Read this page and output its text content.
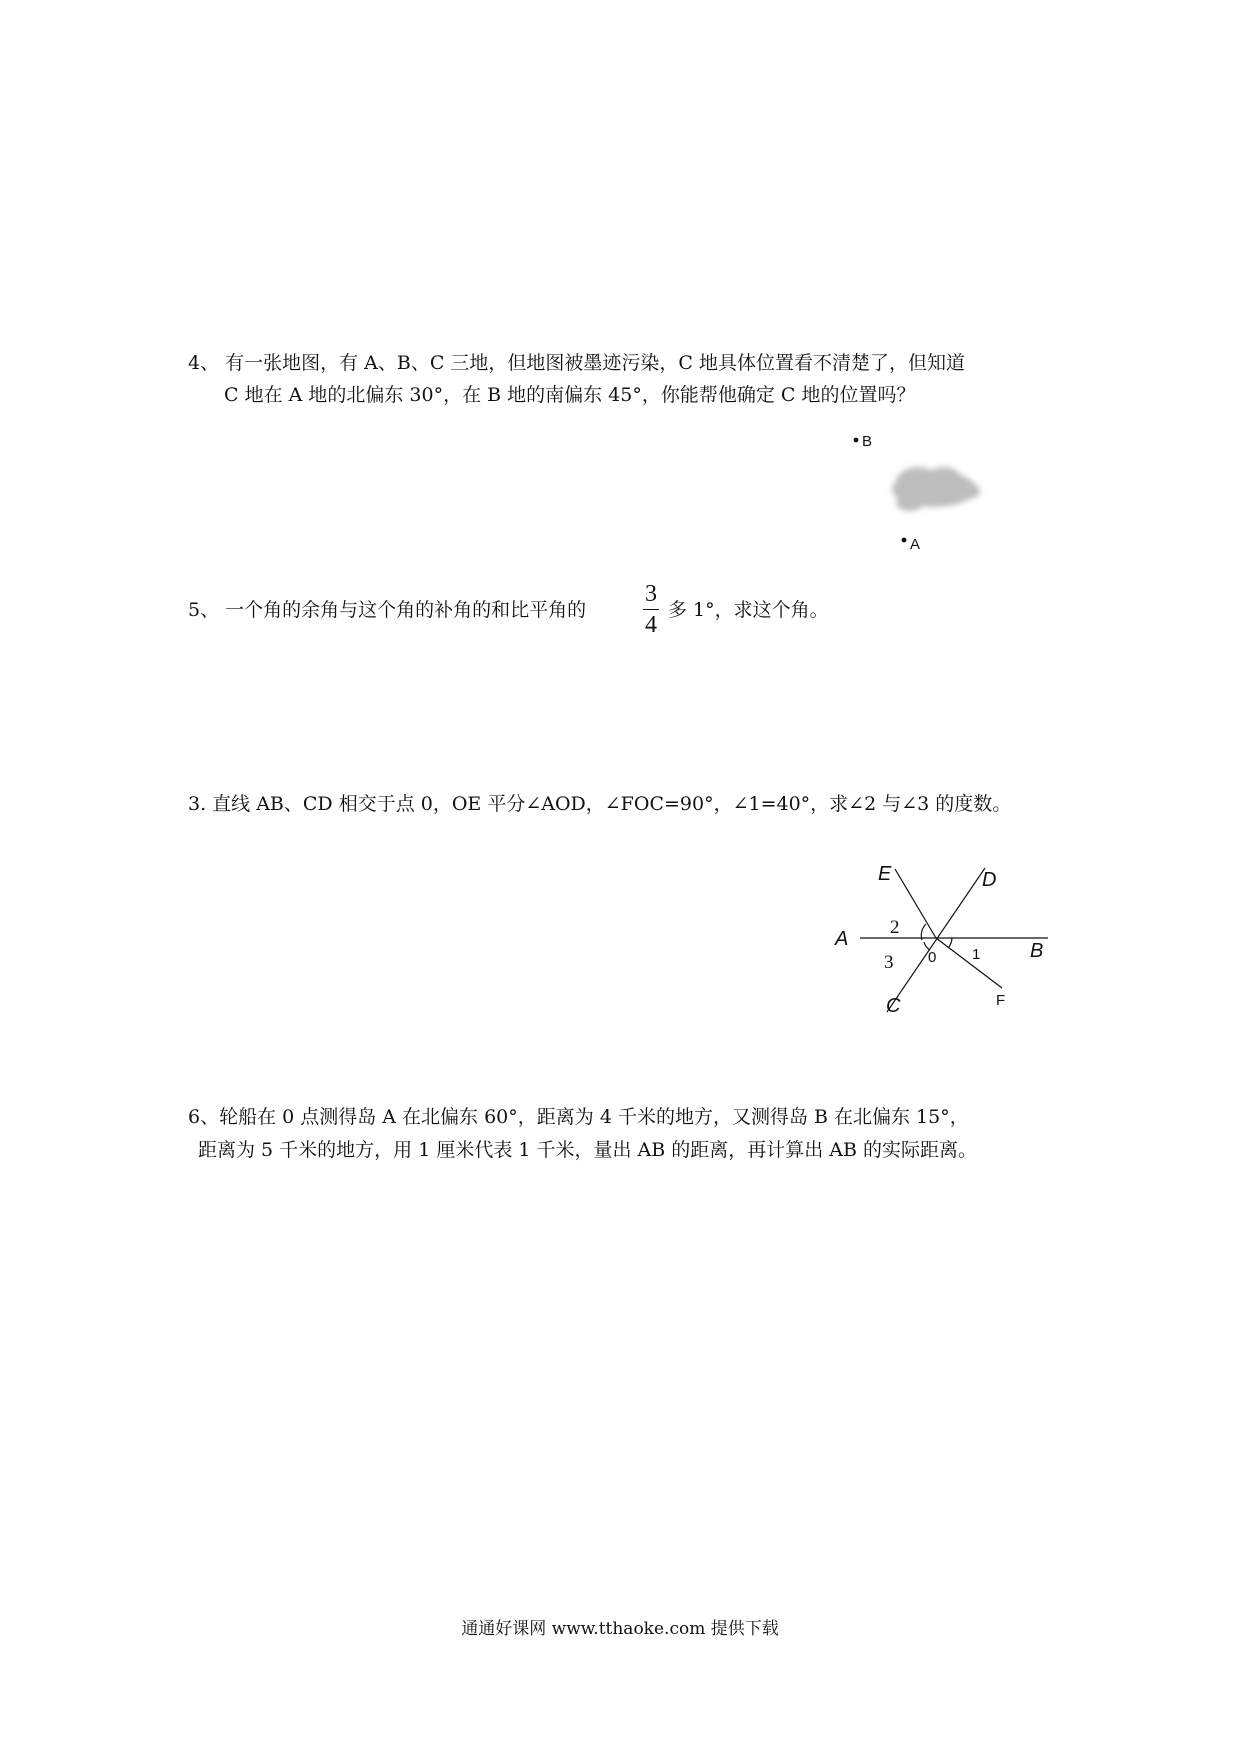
4、 有一张地图，有 A、B、C 三地，但地图被墨迹污染，C 地具体位置看不清楚了，但知道
C 地在 A 地的北偏东 30°，在 B 地的南偏东 45°，你能帮他确定 C 地的位置吗？
B
A
5、 一个角的余角与这个角的补角的和比平角的
3
4
多 1°，求这个角。
3. 直线 AB、CD 相交于点 0，OE 平分∠AOD，∠FOC=90°，∠1=40°，求∠2 与∠3 的度数。
E	D
A
B
C	F
0
2
3	1
6、轮船在 0 点测得岛 A 在北偏东 60°，距离为 4 千米的地方，又测得岛 B 在北偏东 15°，
距离为 5 千米的地方，用 1 厘米代表 1 千米，量出 AB 的距离，再计算出 AB 的实际距离。
通通好课网 www.tthaoke.com 提供下载
